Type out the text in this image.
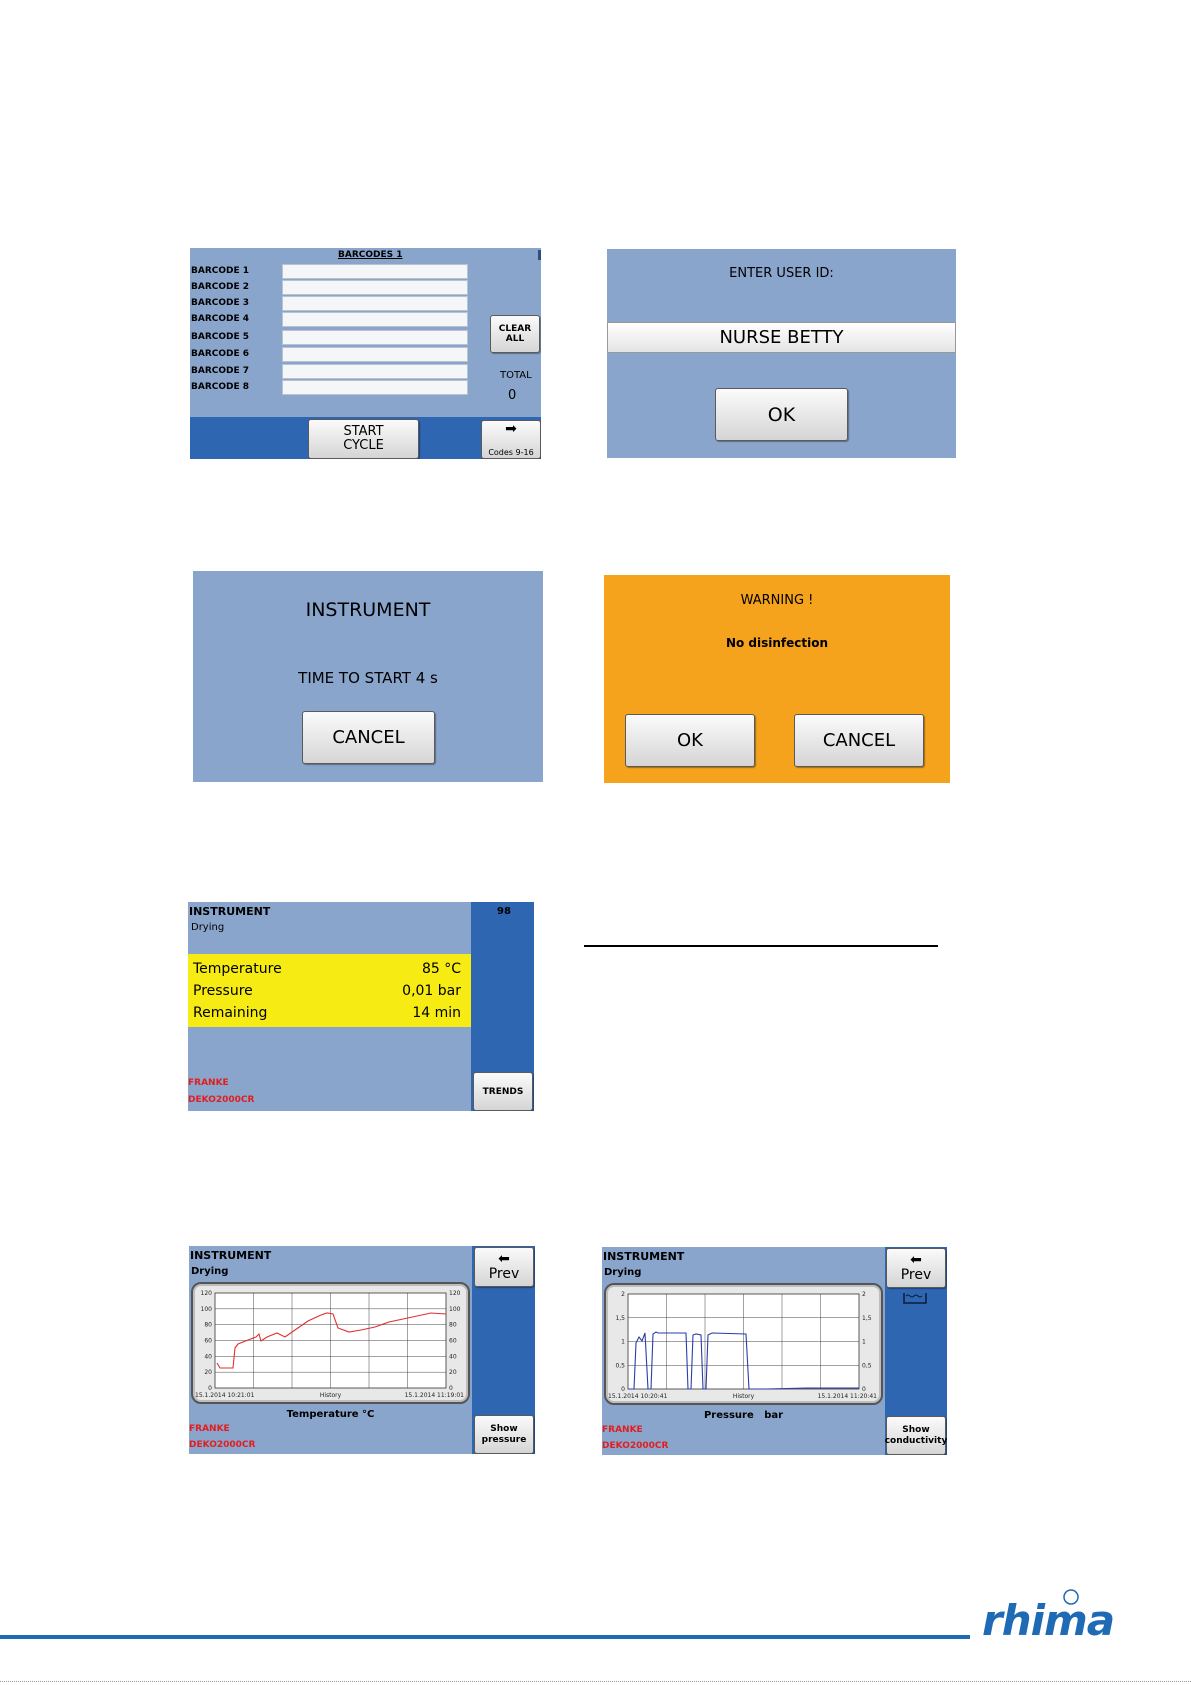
BARCODES 1
BARCODE 1
BARCODE 2
BARCODE 3
BARCODE 4
BARCODE 5
BARCODE 6
BARCODE 7
BARCODE 8
CLEAR ALL
TOTAL
0
START
CYCLE
➡
Codes 9-16
ENTER USER ID:
NURSE BETTY
OK
INSTRUMENT
TIME TO START 4 s
CANCEL
WARNING !
No disinfection
OK	CANCEL
INSTRUMENT
Drying
Temperature	85 °C
Pressure	0,01 bar
Remaining	14 min
FRANKE
DEKO2000CR
98
TRENDS
INSTRUMENT
Drying
⬅
Prev
Show
pressure
0	0
20	20
40	40
60	60
80	80
100	100
120	120
15.1.2014 10:21:01	History	15.1.2014 11:19:01
Temperature °C
FRANKE
DEKO2000CR
INSTRUMENT
Drying
⬅
Prev
Show
conductivity
0	0
0,5	0,5
1	1
1,5	1,5
2	2
15.1.2014 10:20:41	History	15.1.2014 11:20:41
Pressure   bar
FRANKE
DEKO2000CR
rhima
